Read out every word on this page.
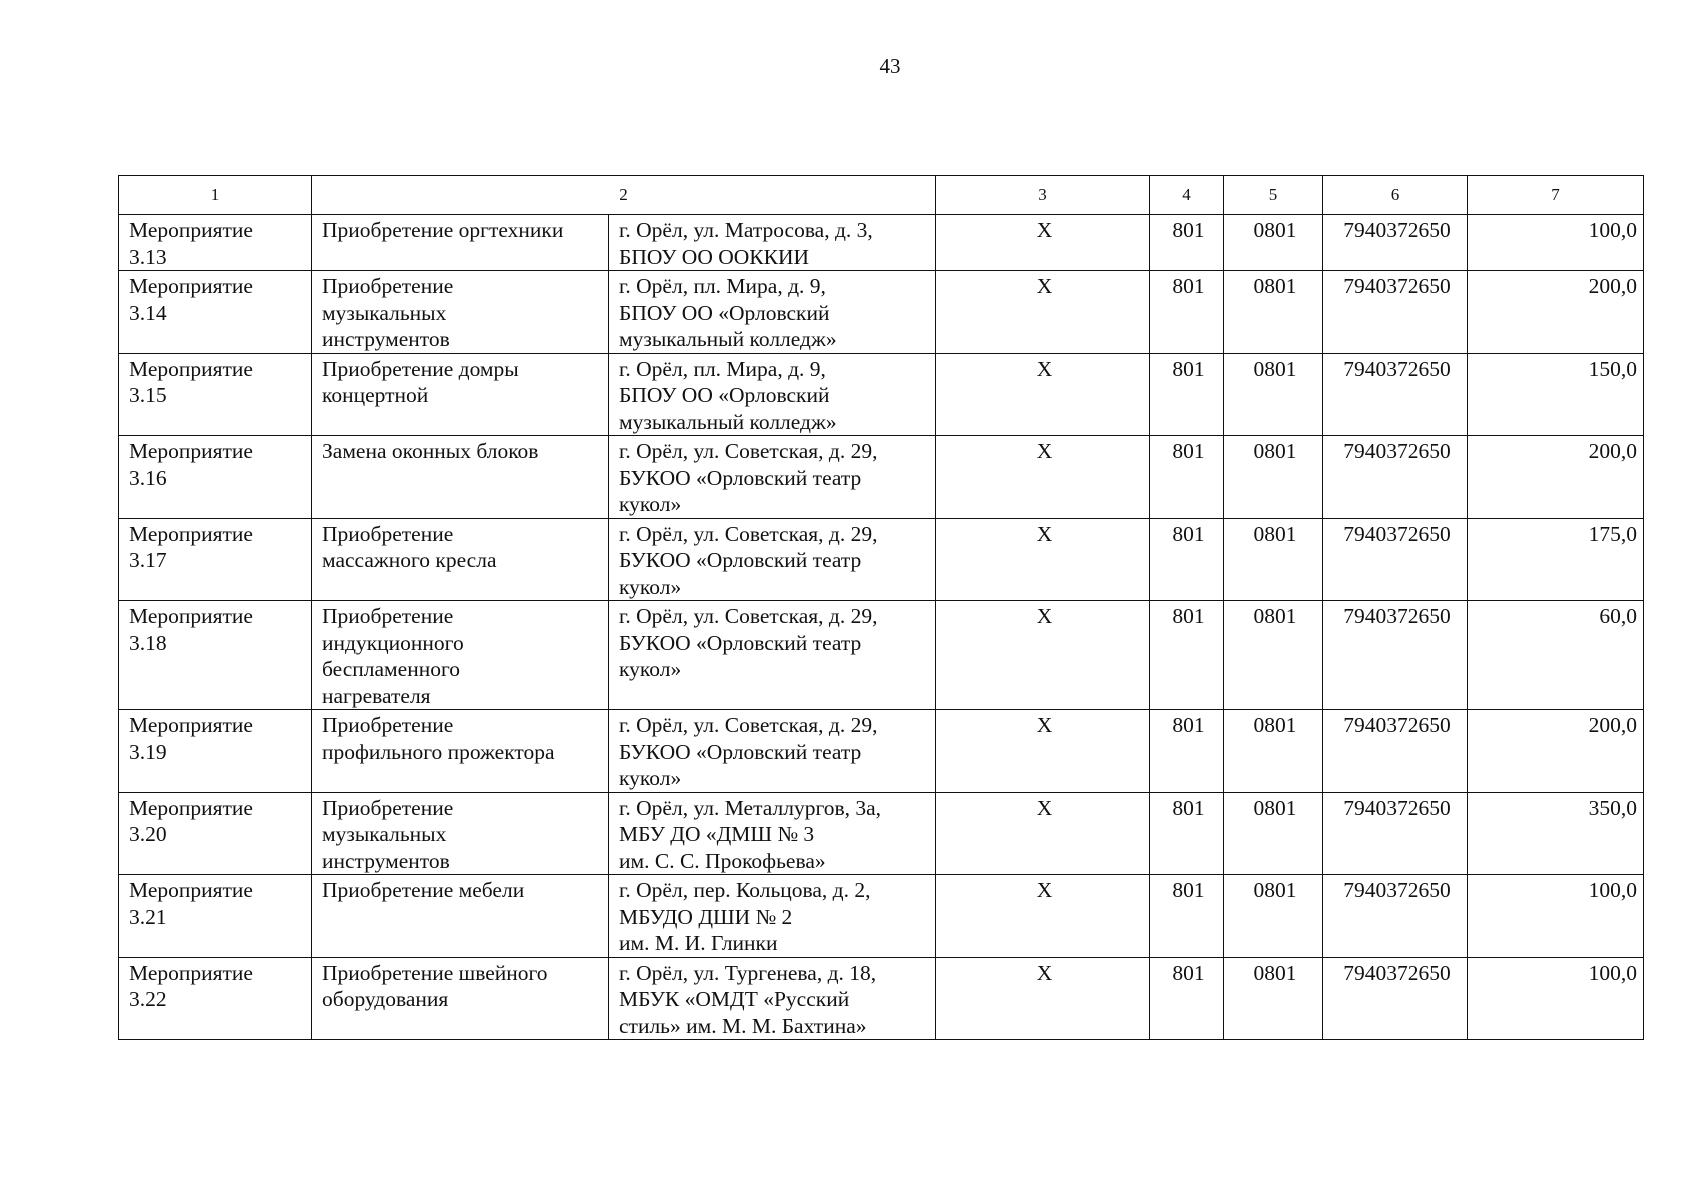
43
1	2		3	4	5	6	7

Мероприятие
3.13	Приобретение оргтехники	г. Орёл, ул. Матросова, д. 3,
БПОУ ОО ООККИИ	X	801	0801	7940372650	100,0

Мероприятие
3.14	Приобретение
музыкальных
инструментов	г. Орёл, пл. Мира, д. 9,
БПОУ ОО «Орловский
музыкальный колледж»	X	801	0801	7940372650	200,0

Мероприятие
3.15	Приобретение домры
концертной	г. Орёл, пл. Мира, д. 9,
БПОУ ОО «Орловский
музыкальный колледж»	X	801	0801	7940372650	150,0

Мероприятие
3.16	Замена оконных блоков	г. Орёл, ул. Советская, д. 29,
БУКОО «Орловский театр
кукол»	X	801	0801	7940372650	200,0

Мероприятие
3.17	Приобретение
массажного кресла	г. Орёл, ул. Советская, д. 29,
БУКОО «Орловский театр
кукол»	X	801	0801	7940372650	175,0

Мероприятие
3.18	Приобретение
индукционного
беспламенного
нагревателя	г. Орёл, ул. Советская, д. 29,
БУКОО «Орловский театр
кукол»	X	801	0801	7940372650	60,0

Мероприятие
3.19	Приобретение
профильного прожектора	г. Орёл, ул. Советская, д. 29,
БУКОО «Орловский театр
кукол»	X	801	0801	7940372650	200,0

Мероприятие
3.20	Приобретение
музыкальных
инструментов	г. Орёл, ул. Металлургов, 3а,
МБУ ДО «ДМШ № 3
им. С. С. Прокофьева»	X	801	0801	7940372650	350,0

Мероприятие
3.21	Приобретение мебели	г. Орёл, пер. Кольцова, д. 2,
МБУДО ДШИ № 2
им. М. И. Глинки	X	801	0801	7940372650	100,0

Мероприятие
3.22	Приобретение швейного
оборудования	г. Орёл, ул. Тургенева, д. 18,
МБУК «ОМДТ «Русский
стиль» им. М. М. Бахтина»	X	801	0801	7940372650	100,0
